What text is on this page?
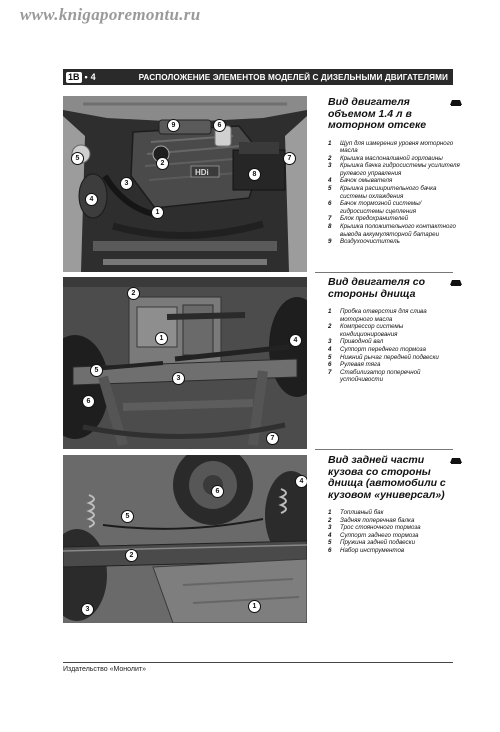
www.knigaporemontu.ru
1B • 4	РАСПОЛОЖЕНИЕ ЭЛЕМЕНТОВ МОДЕЛЕЙ С ДИЗЕЛЬНЫМИ ДВИГАТЕЛЯМИ
HDi
9	6
7
5
2
8
3
4
1
Вид двигателя объемом 1.4 л в моторном отсеке
1	Щуп для измерения уровня моторного масла
2	Крышка маслоналивной горловины
3	Крышка бачка гидросистемы усилителя рулевого управления
4	Бачок омывателя
5	Крышка расширительного бачка системы охлаждения
6	Бачок тормозной системы/ гидросистемы сцепления
7	Блок предохранителей
8	Крышка положительного контактного вывода аккумуляторной батареи
9	Воздухоочиститель
2
1	4
5
3
6
7
Вид двигателя со стороны днища
1	Пробка отверстия для слива моторного масла
2	Компрессор системы кондиционирования
3	Приводной вал
4	Суппорт переднего тормоза
5	Нижний рычаг передней подвески
6	Рулевая тяга
7	Стабилизатор поперечной устойчивости
6
4
5
2
1
3
Вид задней части кузова со стороны днища (автомобили с кузовом «универсал»)
1	Топливный бак
2	Задняя поперечная балка
3	Трос стояночного тормоза
4	Суппорт заднего тормоза
5	Пружина задней подвески
6	Набор инструментов
Издательство «Монолит»
